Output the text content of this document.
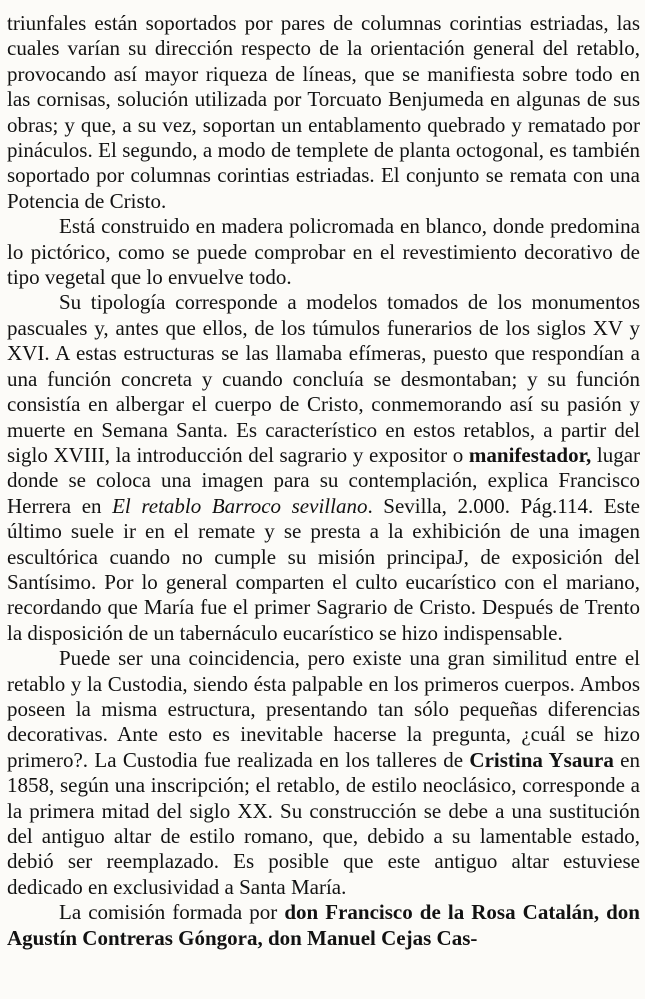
triunfales están soportados por pares de columnas corintias estriadas, las cuales varían su dirección respecto de la orientación general del retablo, provocando así mayor riqueza de líneas, que se manifiesta sobre todo en las cornisas, solución utilizada por Torcuato Benjumeda en algunas de sus obras; y que, a su vez, soportan un entablamento quebrado y rematado por pináculos. El segundo, a modo de templete de planta octogonal, es también soportado por columnas corintias estriadas. El conjunto se remata con una Potencia de Cristo.

Está construido en madera policromada en blanco, donde predomina lo pictórico, como se puede comprobar en el revestimiento decorativo de tipo vegetal que lo envuelve todo.

Su tipología corresponde a modelos tomados de los monumentos pascuales y, antes que ellos, de los túmulos funerarios de los siglos XV y XVI. A estas estructuras se las llamaba efímeras, puesto que respondían a una función concreta y cuando concluía se desmontaban; y su función consistía en albergar el cuerpo de Cristo, conmemorando así su pasión y muerte en Semana Santa. Es característico en estos retablos, a partir del siglo XVIII, la introducción del sagrario y expositor o manifestador, lugar donde se coloca una imagen para su contemplación, explica Francisco Herrera en El retablo Barroco sevillano. Sevilla, 2.000. Pág.114. Este último suele ir en el remate y se presta a la exhibición de una imagen escultórica cuando no cumple su misión principaJ, de exposición del Santísimo. Por lo general comparten el culto eucarístico con el mariano, recordando que María fue el primer Sagrario de Cristo. Después de Trento la disposición de un tabernáculo eucarístico se hizo indispensable.

Puede ser una coincidencia, pero existe una gran similitud entre el retablo y la Custodia, siendo ésta palpable en los primeros cuerpos. Ambos poseen la misma estructura, presentando tan sólo pequeñas diferencias decorativas. Ante esto es inevitable hacerse la pregunta, ¿cuál se hizo primero?. La Custodia fue realizada en los talleres de Cristina Ysaura en 1858, según una inscripción; el retablo, de estilo neoclásico, corresponde a la primera mitad del siglo XX. Su construcción se debe a una sustitución del antiguo altar de estilo romano, que, debido a su lamentable estado, debió ser reemplazado. Es posible que este antiguo altar estuviese dedicado en exclusividad a Santa María.

La comisión formada por don Francisco de la Rosa Catalán, don Agustín Contreras Góngora, don Manuel Cejas Cas-
